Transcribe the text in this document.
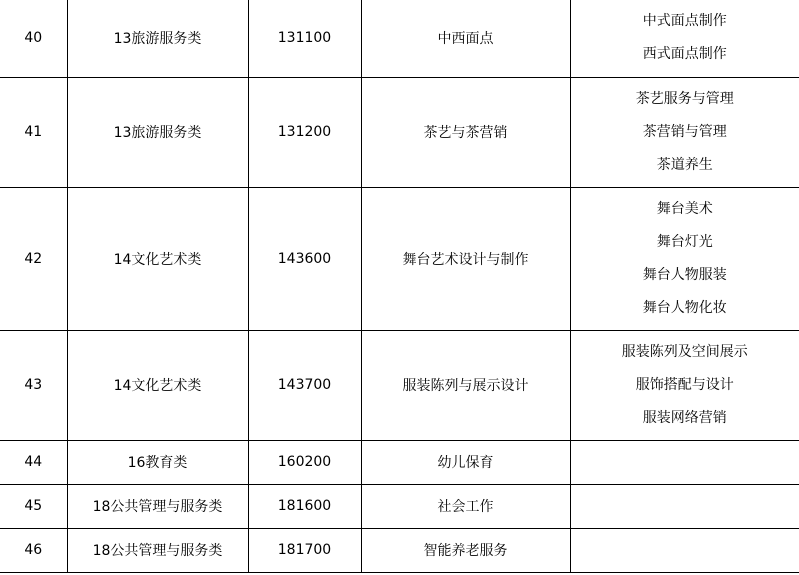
40	13旅游服务类	131100	中西面点	中式面点制作
西式面点制作

41	13旅游服务类	131200	茶艺与茶营销	茶艺服务与管理
茶营销与管理
茶道养生

42	14文化艺术类	143600	舞台艺术设计与制作	舞台美术
舞台灯光
舞台人物服装
舞台人物化妆

43	14文化艺术类	143700	服装陈列与展示设计	服装陈列及空间展示
服饰搭配与设计
服装网络营销

44	16教育类	160200	幼儿保育	
45	18公共管理与服务类	181600	社会工作	
46	18公共管理与服务类	181700	智能养老服务	
